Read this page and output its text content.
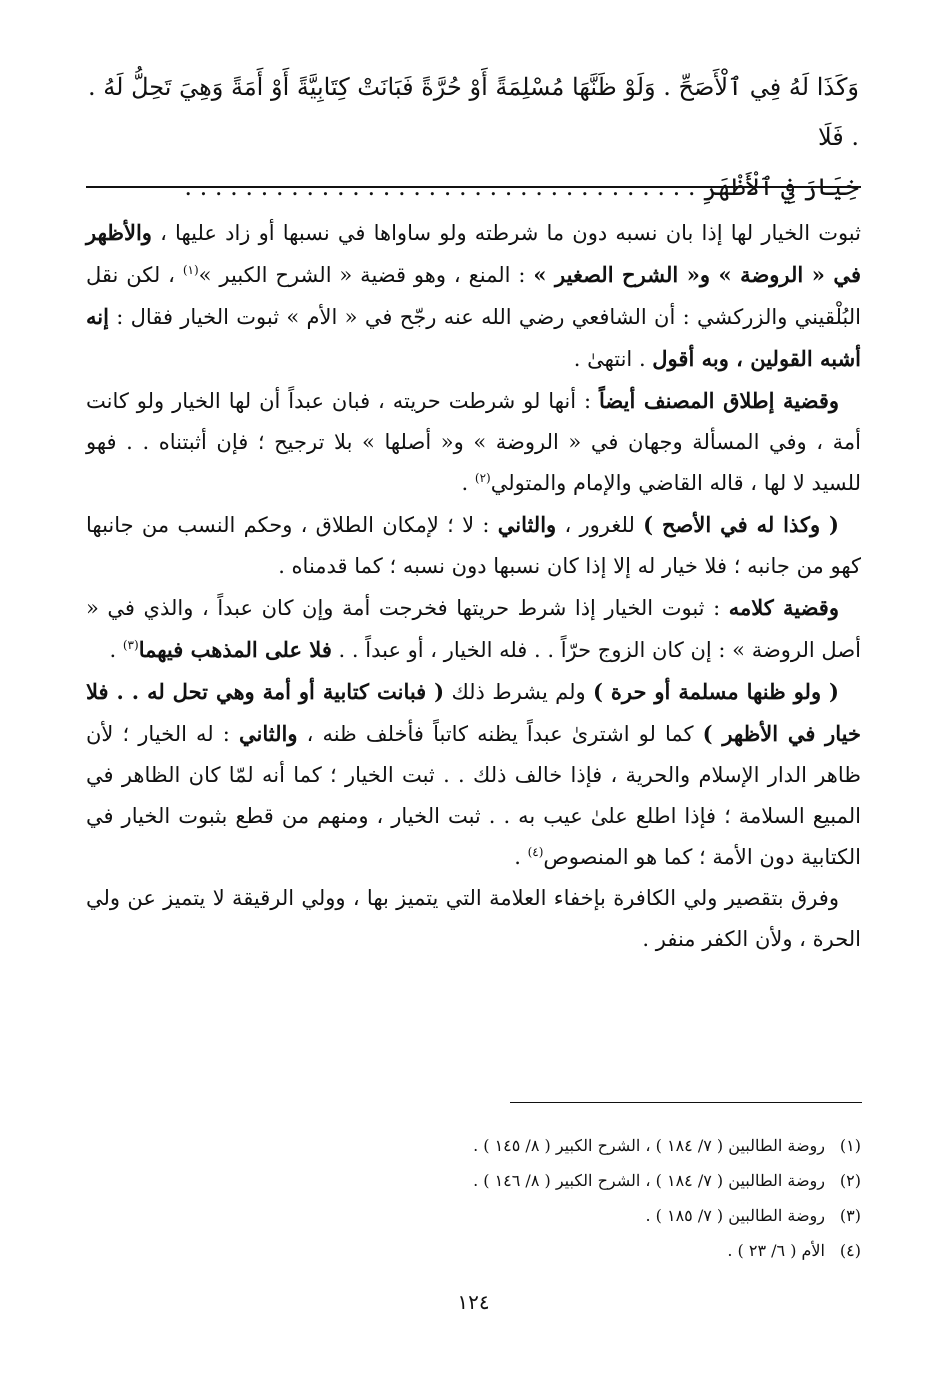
وَكَذَا لَهُ فِي ٱلْأَصَحِّ . وَلَوْ ظَنَّهَا مُسْلِمَةً أَوْ حُرَّةً فَبَانَتْ كِتَابِيَّةً أَوْ أَمَةً وَهِيَ تَحِلُّ لَهُ . . فَلَا

خِيَارَ فِي ٱلْأَظْهَرِ . . . . . . . . . . . . . . . . . . . . . . . . . . . . . . . . . .

ثبوت الخيار لها إذا بان نسبه دون ما شرطته ولو ساواها في نسبها أو زاد عليها ، والأظهر في « الروضة » و« الشرح الصغير » : المنع ، وهو قضية « الشرح الكبير »$^{(١)}$ ، لكن نقل البُلْقيني والزركشي : أن الشافعي رضي الله عنه رجّح في « الأم » ثبوت الخيار فقال : إنه أشبه القولين ، وبه أقول . انتهىٰ .

وقضية إطلاق المصنف أيضاً : أنها لو شرطت حريته ، فبان عبداً أن لها الخيار ولو كانت أمة ، وفي المسألة وجهان في « الروضة » و« أصلها » بلا ترجيح ؛ فإن أثبتناه . . فهو للسيد لا لها ، قاله القاضي والإمام والمتولي$^{(٢)}$ .

( وكذا له في الأصح ) للغرور ، والثاني : لا ؛ لإمكان الطلاق ، وحكم النسب من جانبها كهو من جانبه ؛ فلا خيار له إلا إذا كان نسبها دون نسبه ؛ كما قدمناه .

وقضية كلامه : ثبوت الخيار إذا شرط حريتها فخرجت أمة وإن كان عبداً ، والذي في « أصل الروضة » : إن كان الزوج حرّاً . . فله الخيار ، أو عبداً . . فلا على المذهب فيهما$^{(٣)}$ .

( ولو ظنها مسلمة أو حرة ) ولم يشرط ذلك ( فبانت كتابية أو أمة وهي تحل له . . فلا خيار في الأظهر ) كما لو اشترىٰ عبداً يظنه كاتباً فأخلف ظنه ، والثاني : له الخيار ؛ لأن ظاهر الدار الإسلام والحرية ، فإذا خالف ذلك . . ثبت الخيار ؛ كما أنه لمّا كان الظاهر في المبيع السلامة ؛ فإذا اطلع علىٰ عيب به . . ثبت الخيار ، ومنهم من قطع بثبوت الخيار في الكتابية دون الأمة ؛ كما هو المنصوص$^{(٤)}$ .

وفرق بتقصير ولي الكافرة بإخفاء العلامة التي يتميز بها ، وولي الرقيقة لا يتميز عن ولي الحرة ، ولأن الكفر منفر .

(١)روضة الطالبين ( ٧/ ١٨٤ ) ، الشرح الكبير ( ٨/ ١٤٥ ) .
(٢)روضة الطالبين ( ٧/ ١٨٤ ) ، الشرح الكبير ( ٨/ ١٤٦ ) .
(٣)روضة الطالبين ( ٧/ ١٨٥ ) .
(٤)الأم ( ٦/ ٢٣ ) .
١٢٤
